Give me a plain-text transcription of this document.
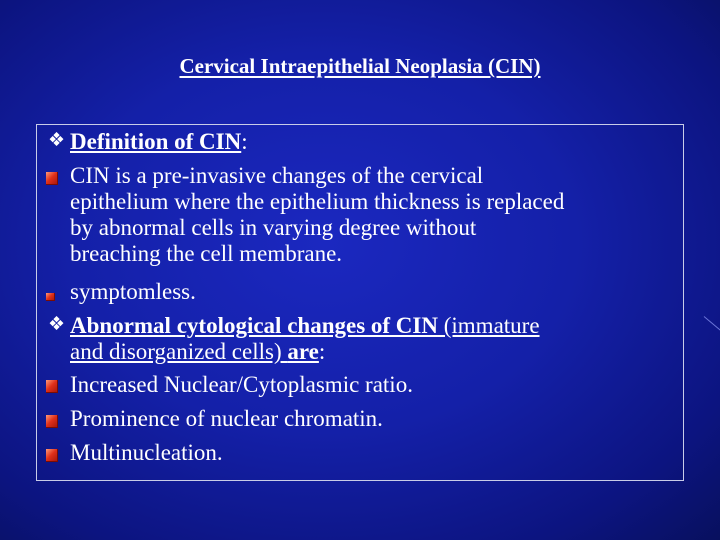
Cervical Intraepithelial Neoplasia (CIN)
❖ Definition of CIN:
CIN is a pre-invasive changes of the cervical
epithelium where the epithelium thickness is replaced
by abnormal cells in varying degree without
breaching the cell membrane.
symptomless.
❖ Abnormal cytological changes of CIN (immature
and disorganized cells) are:
Increased Nuclear/Cytoplasmic ratio.
Prominence of nuclear chromatin.
Multinucleation.
